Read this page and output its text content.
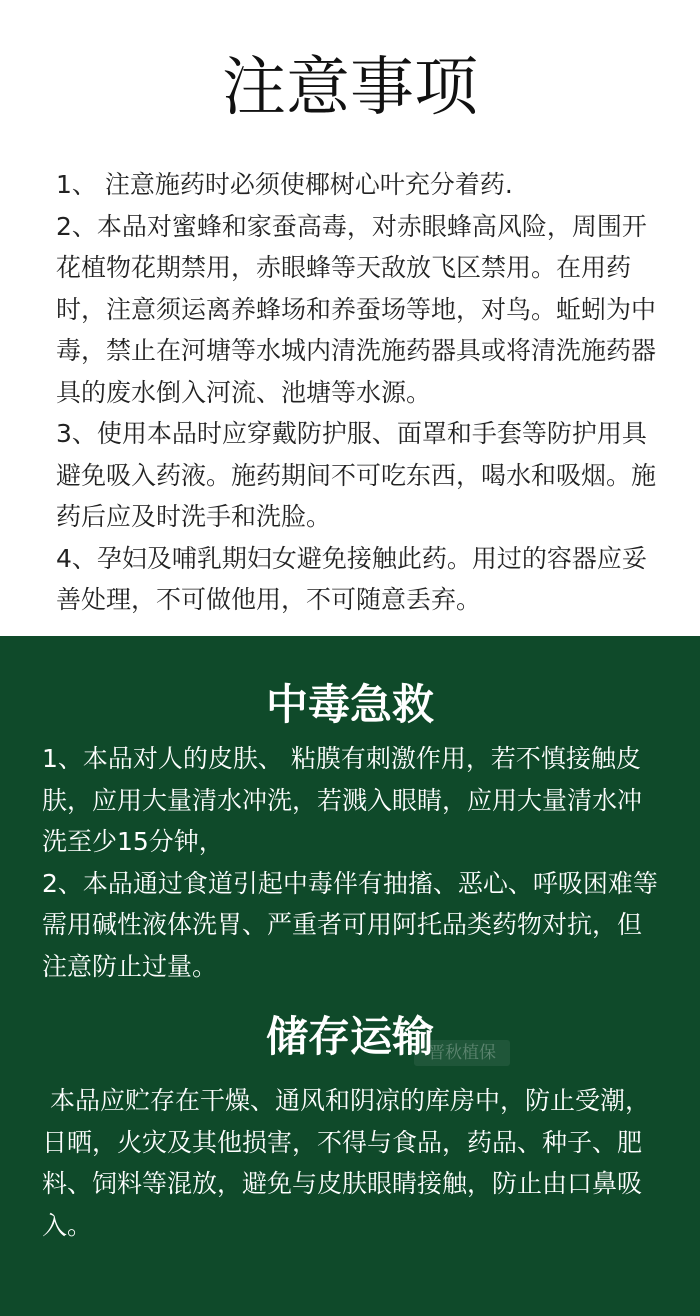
注意事项

1、 注意施药时必须使椰树心叶充分着药.

2、本品对蜜蜂和家蚕高毒，对赤眼蜂高风险，周围开花植物花期禁用，赤眼蜂等天敌放飞区禁用。在用药时，注意须运离养蜂场和养蚕场等地，对鸟。蚯蚓为中毒，禁止在河塘等水城内清洗施药器具或将清洗施药器具的废水倒入河流、池塘等水源。

3、使用本品时应穿戴防护服、面罩和手套等防护用具避免吸入药液。施药期间不可吃东西，喝水和吸烟。施药后应及时洗手和洗脸。

4、孕妇及哺乳期妇女避免接触此药。用过的容器应妥善处理，不可做他用，不可随意丢弃。

中毒急救

1、本品对人的皮肤、 粘膜有刺激作用，若不慎接触皮肤，应用大量清水冲洗，若溅入眼睛，应用大量清水冲洗至少15分钟，

2、本品通过食道引起中毒伴有抽搐、恶心、呼吸困难等需用碱性液体洗胃、严重者可用阿托品类药物对抗，但注意防止过量。

储存运输
晋秋植保

本品应贮存在干燥、通风和阴凉的库房中，防止受潮，日晒，火灾及其他损害，不得与食品，药品、种子、肥料、饲料等混放，避免与皮肤眼睛接触，防止由口鼻吸入。
